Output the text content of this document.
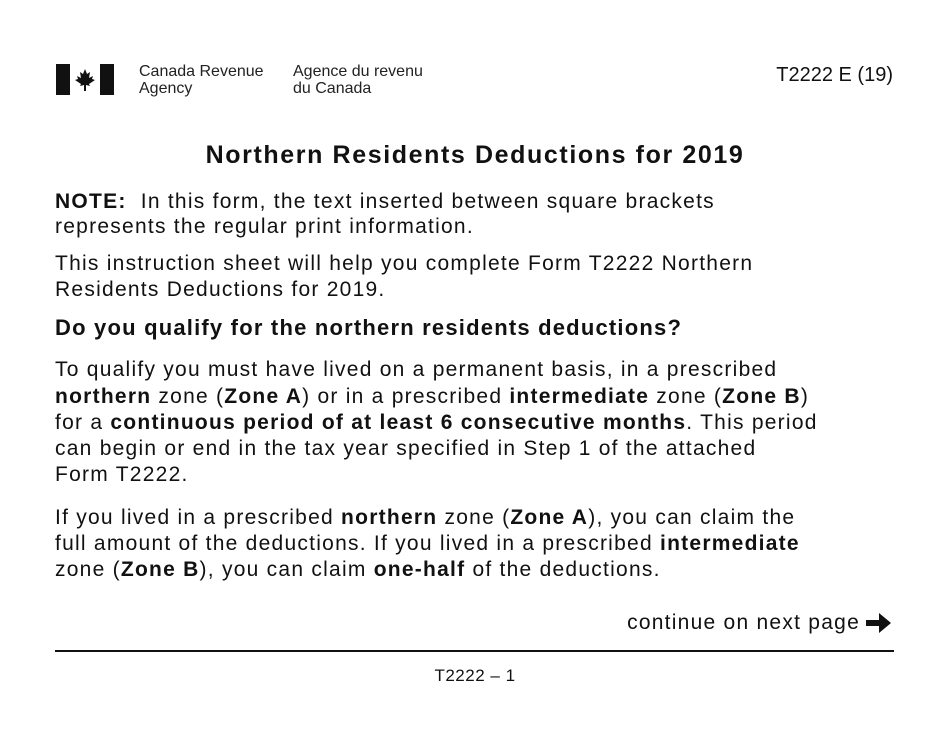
Canada Revenue
Agency
Agence du revenu
du Canada
T2222 E (19)
Northern Residents Deductions for 2019
NOTE:  In this form, the text inserted between square brackets
represents the regular print information.
This instruction sheet will help you complete Form T2222 Northern
Residents Deductions for 2019.
To qualify you must have lived on a permanent basis, in a prescribed
northern zone (Zone A) or in a prescribed intermediate zone (Zone B)
for a continuous period of at least 6 consecutive months. This period
can begin or end in the tax year specified in Step 1 of the attached
Form T2222.
If you lived in a prescribed northern zone (Zone A), you can claim the
full amount of the deductions. If you lived in a prescribed intermediate
zone (Zone B), you can claim one-half of the deductions.
Do you qualify for the northern residents deductions?
continue on next page
T2222 – 1
